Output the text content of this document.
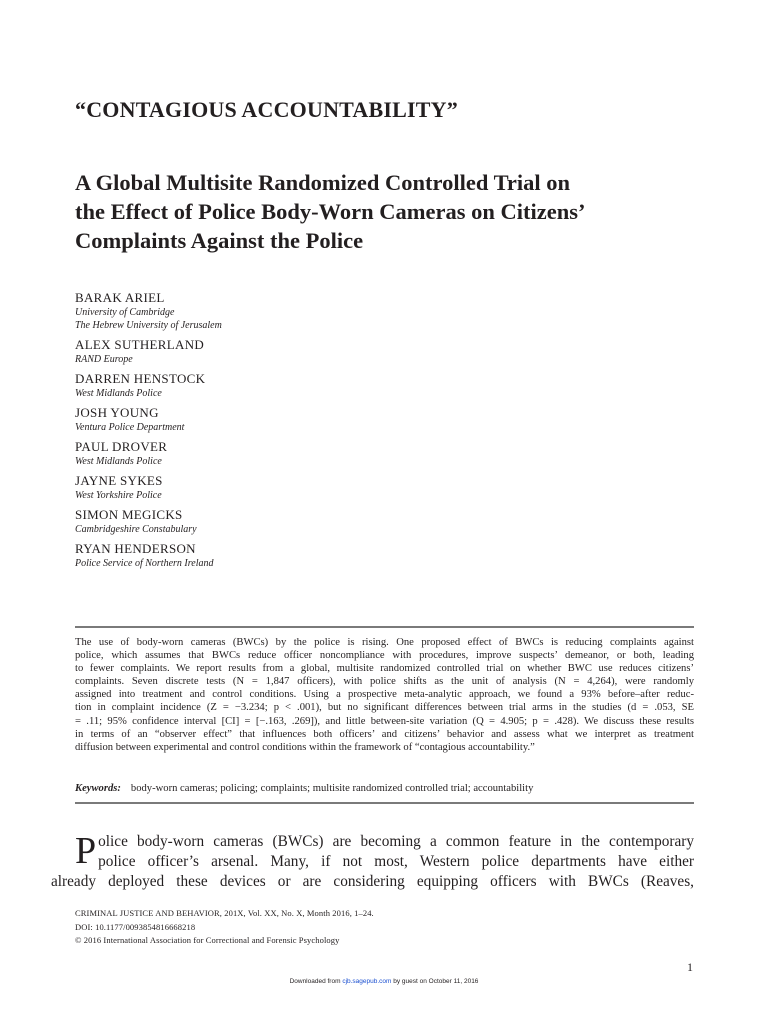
“CONTAGIOUS ACCOUNTABILITY”
A Global Multisite Randomized Controlled Trial on
the Effect of Police Body-Worn Cameras on Citizens’
Complaints Against the Police
BARAK ARIEL
University of Cambridge
The Hebrew University of Jerusalem
ALEX SUTHERLAND
RAND Europe
DARREN HENSTOCK
West Midlands Police
JOSH YOUNG
Ventura Police Department
PAUL DROVER
West Midlands Police
JAYNE SYKES
West Yorkshire Police
SIMON MEGICKS
Cambridgeshire Constabulary
RYAN HENDERSON
Police Service of Northern Ireland
The use of body-worn cameras (BWCs) by the police is rising. One proposed effect of BWCs is reducing complaints against
police, which assumes that BWCs reduce officer noncompliance with procedures, improve suspects’ demeanor, or both, leading
to fewer complaints. We report results from a global, multisite randomized controlled trial on whether BWC use reduces citizens’
complaints. Seven discrete tests (N = 1,847 officers), with police shifts as the unit of analysis (N = 4,264), were randomly
assigned into treatment and control conditions. Using a prospective meta-analytic approach, we found a 93% before–after reduc-
tion in complaint incidence (Z = −3.234; p < .001), but no significant differences between trial arms in the studies (d = .053, SE
= .11; 95% confidence interval [CI] = [−.163, .269]), and little between-site variation (Q = 4.905; p = .428). We discuss these results
in terms of an “observer effect” that influences both officers’ and citizens’ behavior and assess what we interpret as treatment
diffusion between experimental and control conditions within the framework of “contagious accountability.”
Keywords: body-worn cameras; policing; complaints; multisite randomized controlled trial; accountability
P olice body-worn cameras (BWCs) are becoming a common feature in the contemporary
police officer’s arsenal. Many, if not most, Western police departments have either
already deployed these devices or are considering equipping officers with BWCs (Reaves,
CRIMINAL JUSTICE AND BEHAVIOR, 201X, Vol. XX, No. X, Month 2016, 1–24.
DOI: 10.1177/0093854816668218
© 2016 International Association for Correctional and Forensic Psychology
1
Downloaded from cjb.sagepub.com by guest on October 11, 2016
